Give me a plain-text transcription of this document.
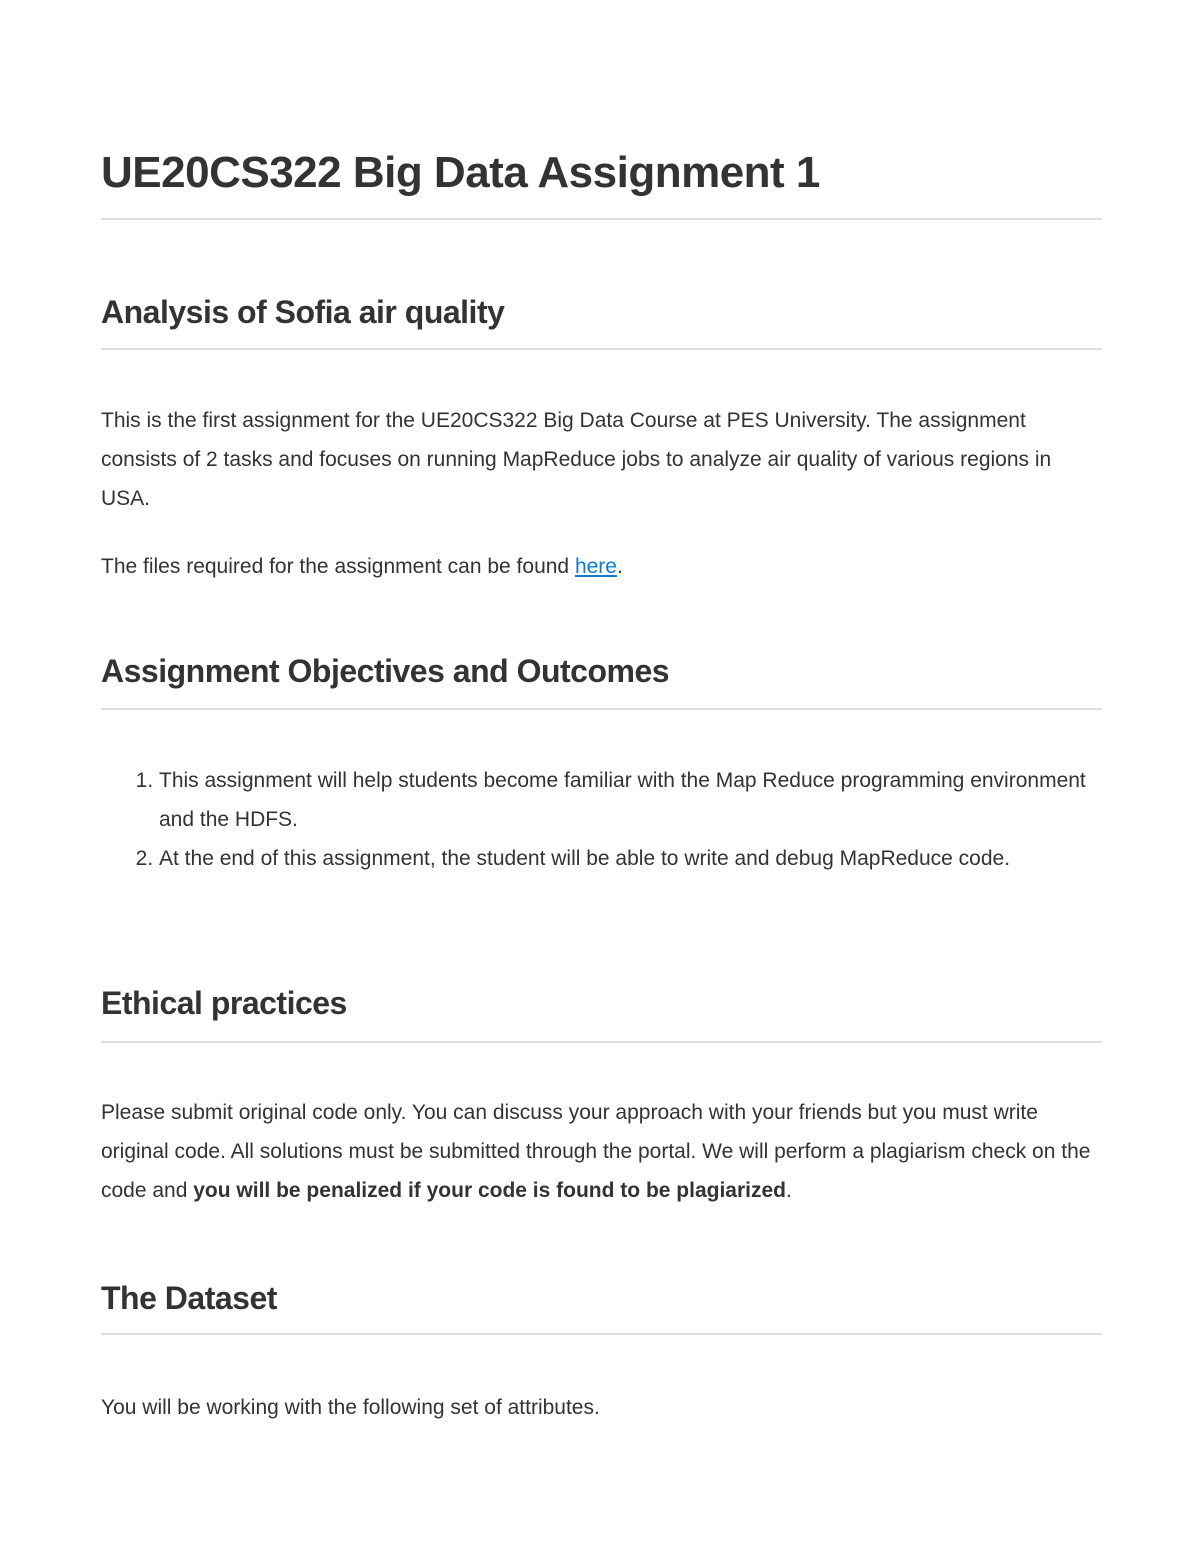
UE20CS322 Big Data Assignment 1
Analysis of Sofia air quality

This is the first assignment for the UE20CS322 Big Data Course at PES University. The assignment consists of 2 tasks and focuses on running MapReduce jobs to analyze air quality of various regions in USA.

The files required for the assignment can be found here.

Assignment Objectives and Outcomes
1. This assignment will help students become familiar with the Map Reduce programming environment and the HDFS.
2. At the end of this assignment, the student will be able to write and debug MapReduce code.
Ethical practices

Please submit original code only. You can discuss your approach with your friends but you must write original code. All solutions must be submitted through the portal. We will perform a plagiarism check on the code and you will be penalized if your code is found to be plagiarized.

The Dataset

You will be working with the following set of attributes.
